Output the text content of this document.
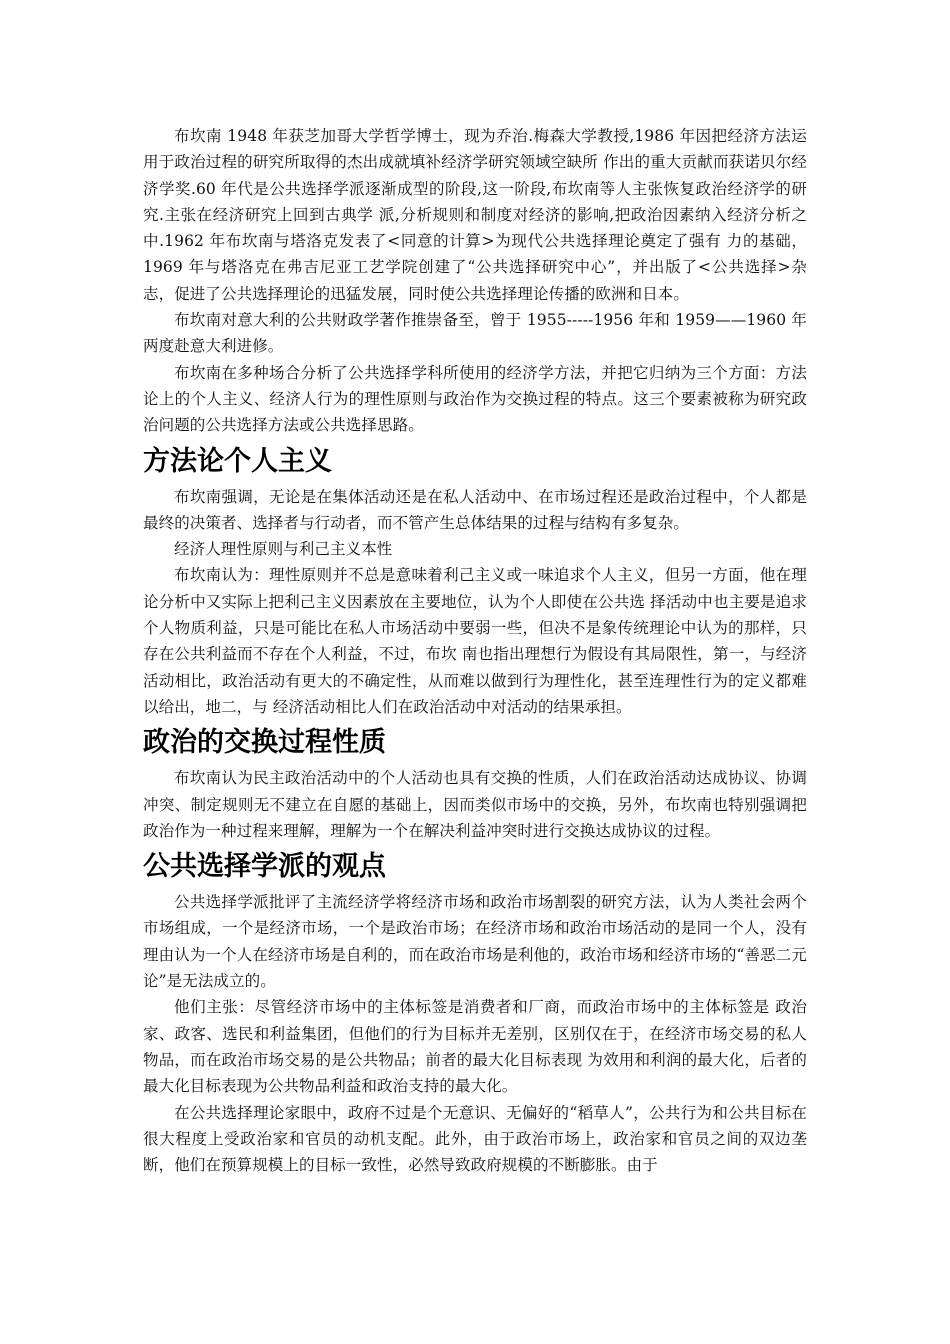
布坎南 1948 年获芝加哥大学哲学博士，现为乔治.梅森大学教授,1986 年因把经济方法运用于政治过程的研究所取得的杰出成就填补经济学研究领域空缺所 作出的重大贡献而获诺贝尔经济学奖.60 年代是公共选择学派逐渐成型的阶段,这一阶段,布坎南等人主张恢复政治经济学的研究.主张在经济研究上回到古典学 派,分析规则和制度对经济的影响,把政治因素纳入经济分析之中.1962 年布坎南与塔洛克发表了<同意的计算>为现代公共选择理论奠定了强有 力的基础，1969 年与塔洛克在弗吉尼亚工艺学院创建了“公共选择研究中心”，并出版了<公共选择>杂志，促进了公共选择理论的迅猛发展，同时使公共选择理论传播的欧洲和日本。

布坎南对意大利的公共财政学著作推崇备至，曾于 1955-----1956 年和 1959——1960 年两度赴意大利进修。

布坎南在多种场合分析了公共选择学科所使用的经济学方法，并把它归纳为三个方面：方法论上的个人主义、经济人行为的理性原则与政治作为交换过程的特点。这三个要素被称为研究政治问题的公共选择方法或公共选择思路。

方法论个人主义

布坎南强调，无论是在集体活动还是在私人活动中、在市场过程还是政治过程中，个人都是最终的决策者、选择者与行动者，而不管产生总体结果的过程与结构有多复杂。

经济人理性原则与利己主义本性

布坎南认为：理性原则并不总是意味着利己主义或一味追求个人主义，但另一方面，他在理论分析中又实际上把利己主义因素放在主要地位，认为个人即使在公共选 择活动中也主要是追求个人物质利益，只是可能比在私人市场活动中要弱一些，但决不是象传统理论中认为的那样，只存在公共利益而不存在个人利益，不过，布坎 南也指出理想行为假设有其局限性，第一，与经济活动相比，政治活动有更大的不确定性，从而难以做到行为理性化，甚至连理性行为的定义都难以给出，地二，与 经济活动相比人们在政治活动中对活动的结果承担。

政治的交换过程性质

布坎南认为民主政治活动中的个人活动也具有交换的性质，人们在政治活动达成协议、协调冲突、制定规则无不建立在自愿的基础上，因而类似市场中的交换，另外，布坎南也特别强调把政治作为一种过程来理解，理解为一个在解决利益冲突时进行交换达成协议的过程。

公共选择学派的观点

公共选择学派批评了主流经济学将经济市场和政治市场割裂的研究方法，认为人类社会两个市场组成，一个是经济市场，一个是政治市场；在经济市场和政治市场活动的是同一个人，没有理由认为一个人在经济市场是自利的，而在政治市场是利他的，政治市场和经济市场的“善恶二元论”是无法成立的。

他们主张：尽管经济市场中的主体标签是消费者和厂商，而政治市场中的主体标签是 政治家、政客、选民和利益集团，但他们的行为目标并无差别，区别仅在于，在经济市场交易的私人物品，而在政治市场交易的是公共物品；前者的最大化目标表现 为效用和利润的最大化，后者的最大化目标表现为公共物品利益和政治支持的最大化。

在公共选择理论家眼中，政府不过是个无意识、无偏好的“稻草人”，公共行为和公共目标在很大程度上受政治家和官员的动机支配。此外，由于政治市场上，政治家和官员之间的双边垄断，他们在预算规模上的目标一致性，必然导致政府规模的不断膨胀。由于
